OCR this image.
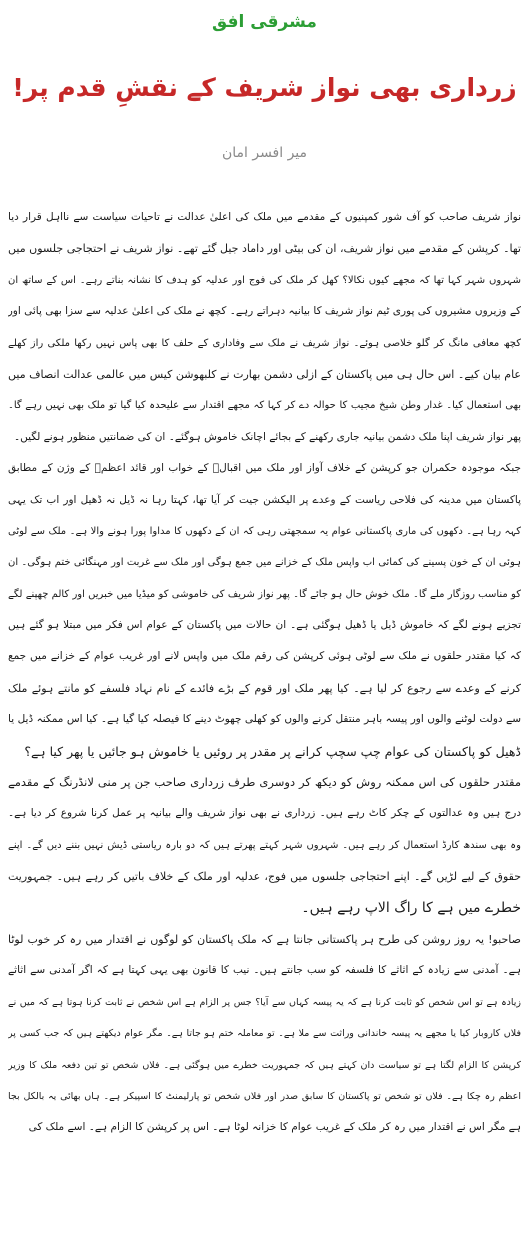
مشرقی افق
زرداری بھی نواز شریف کے نقشِ قدم پر!
میر افسر امان
نواز شریف صاحب کو آف شور کمپنیوں کے مقدمے میں ملک کی اعلیٰ عدالت نے تاحیات سیاست سے نااہل قرار دیا
تھا۔ کرپشن کے مقدمے میں نواز شریف، ان کی بیٹی اور داماد جیل گئے تھے۔ نواز شریف نے احتجاجی جلسوں میں
شہروں شہر کہا تھا کہ مجھے کیوں نکالا؟ کھل کر ملک کی فوج اور عدلیہ کو ہدف کا نشانہ بناتے رہے۔ اس کے ساتھ ان
کے وزیروں مشیروں کی پوری ٹیم نواز شریف کا بیانیہ دہراتے رہے۔ کچھ نے ملک کی اعلیٰ عدلیہ سے سزا بھی پائی اور
کچھ معافی مانگ کر گلو خلاصی ہوئے۔ نواز شریف نے ملک سے وفاداری کے حلف کا بھی پاس نہیں رکھا ملکی راز کھلے
عام بیان کیے۔ اس حال ہی میں پاکستان کے ازلی دشمن بھارت نے کلبھوشن کیس میں عالمی عدالت انصاف میں
بھی استعمال کیا۔ غدار وطن شیخ مجیب کا حوالہ دے کر کہا کہ مجھے اقتدار سے علیحدہ کیا گیا تو ملک بھی نہیں رہے گا۔
پھر نواز شریف اپنا ملک دشمن بیانیہ جاری رکھنے کے بجائے اچانک خاموش ہوگئے۔ ان کی ضمانتیں منظور ہونے لگیں۔
جبکہ موجودہ حکمران جو کرپشن کے خلاف آواز اور ملک میں اقبالؒ کے خواب اور قائد اعظمؒ کے وژن کے مطابق
پاکستان میں مدینہ کی فلاحی ریاست کے وعدے پر الیکشن جیت کر آیا تھا، کہتا رہا نہ ڈیل نہ ڈھیل اور اب تک یہی
کہہ رہا ہے۔ دکھوں کی ماری پاکستانی عوام یہ سمجھتی رہی کہ ان کے دکھوں کا مداوا پورا ہونے والا ہے۔ ملک سے لوٹی
ہوئی ان کے خون پسینے کی کمائی اب واپس ملک کے خزانے میں جمع ہوگی اور ملک سے غربت اور مہنگائی ختم ہوگی۔ ان
کو مناسب روزگار ملے گا۔ ملک خوش حال ہو جائے گا۔ پھر نواز شریف کی خاموشی کو میڈیا میں خبریں اور کالم چھپنے لگے
تجزیے ہونے لگے کہ خاموش ڈیل یا ڈھیل ہوگئی ہے۔ ان حالات میں پاکستان کے عوام اس فکر میں مبتلا ہو گئے ہیں
کہ کیا مقتدر حلقوں نے ملک سے لوٹی ہوئی کرپشن کی رقم ملک میں واپس لانے اور غریب عوام کے خزانے میں جمع
کرنے کے وعدے سے رجوع کر لیا ہے۔ کیا پھر ملک اور قوم کے بڑے فائدے کے نام نہاد فلسفے کو مانتے ہوئے ملک
سے دولت لوٹنے والوں اور پیسہ باہر منتقل کرنے والوں کو کھلی چھوٹ دینے کا فیصلہ کیا گیا ہے۔ کیا اس ممکنہ ڈیل یا
ڈھیل کو پاکستان کی عوام چپ سچپ کرانے پر مقدر پر روئیں یا خاموش ہو جائیں یا پھر کیا ہے؟
مقتدر حلقوں کی اس ممکنہ روش کو دیکھ کر دوسری طرف زرداری صاحب جن پر منی لانڈرنگ کے مقدمے
درج ہیں وہ عدالتوں کے چکر کاٹ رہے ہیں۔ زرداری نے بھی نواز شریف والے بیانیہ پر عمل کرنا شروع کر دیا ہے۔
وہ بھی سندھ کارڈ استعمال کر رہے ہیں۔ شہروں شہر کہتے پھرتے ہیں کہ دو بارہ ریاستی ڈیش نہیں بننے دیں گے۔ اپنے
حقوق کے لیے لڑیں گے۔ اپنے احتجاجی جلسوں میں فوج، عدلیہ اور ملک کے خلاف باتیں کر رہے ہیں۔ جمہوریت
خطرے میں ہے کا راگ الاپ رہے ہیں۔
صاحبو! یہ روز روشن کی طرح ہر پاکستانی جانتا ہے کہ ملک پاکستان کو لوگوں نے اقتدار میں رہ کر خوب لوٹا
ہے۔ آمدنی سے زیادہ کے اثاثے کا فلسفہ کو سب جانتے ہیں۔ نیب کا قانون بھی یہی کہتا ہے کہ اگر آمدنی سے اثاثے
زیادہ ہے تو اس شخص کو ثابت کرنا ہے کہ یہ پیسہ کہاں سے آیا؟ جس پر الزام ہے اس شخص نے ثابت کرنا ہوتا ہے کہ میں نے
فلاں کاروبار کیا یا مجھے یہ پیسہ خاندانی وراثت سے ملا ہے۔ تو معاملہ ختم ہو جاتا ہے۔ مگر عوام دیکھتے ہیں کہ جب کسی پر
کرپشن کا الزام لگتا ہے تو سیاست دان کہتے ہیں کہ جمہوریت خطرے میں ہوگئی ہے۔ فلاں شخص تو تین دفعہ ملک کا وزیر
اعظم رہ چکا ہے۔ فلاں تو شخص تو پاکستان کا سابق صدر اور فلاں شخص تو پارلیمنٹ کا اسپیکر ہے۔ ہاں بھائی یہ بالکل بجا
ہے مگر اس نے اقتدار میں رہ کر ملک کے غریب عوام کا خزانہ لوٹا ہے۔ اس پر کرپشن کا الزام ہے۔ اسے ملک کی
